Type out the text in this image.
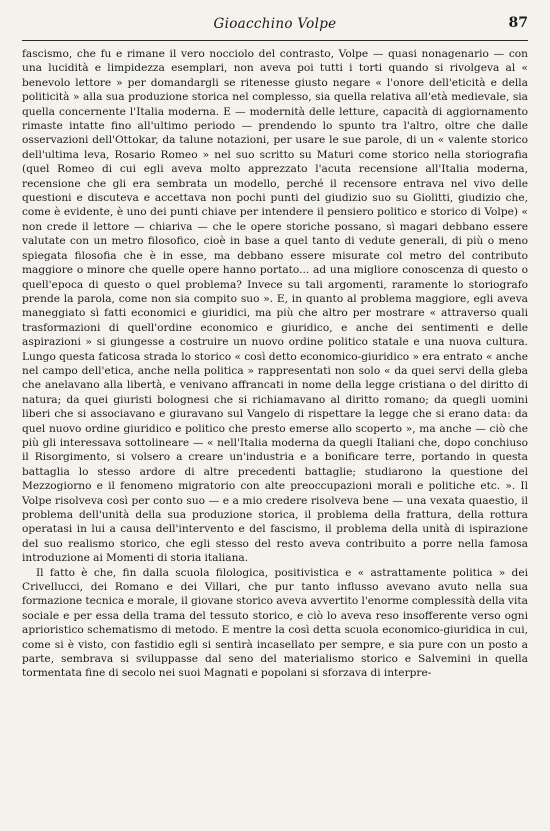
Gioacchino Volpe	87

fascismo, che fu e rimane il vero nocciolo del contrasto, Volpe — quasi nonagenario — con una lucidità e limpidezza esemplari, non aveva poi tutti i torti quando si rivolgeva al « benevolo lettore » per domandargli se ritenesse giusto negare « l'onore dell'eticità e della politicità » alla sua produzione storica nel complesso, sia quella relativa all'età medievale, sia quella concernente l'Italia moderna. E — modernità delle letture, capacità di aggiornamento rimaste intatte fino all'ultimo periodo — prendendo lo spunto tra l'altro, oltre che dalle osservazioni dell'Ottokar, da talune notazioni, per usare le sue parole, di un « valente storico dell'ultima leva, Rosario Romeo » nel suo scritto su Maturi come storico nella storiografia (quel Romeo di cui egli aveva molto apprezzato l'acuta recensione all'Italia moderna, recensione che gli era sembrata un modello, perché il recensore entrava nel vivo delle questioni e discuteva e accettava non pochi punti del giudizio suo su Giolitti, giudizio che, come è evidente, è uno dei punti chiave per intendere il pensiero politico e storico di Volpe) « non crede il lettore — chiariva — che le opere storiche possano, sì magari debbano essere valutate con un metro filosofico, cioè in base a quel tanto di vedute generali, di più o meno spiegata filosofia che è in esse, ma debbano essere misurate col metro del contributo maggiore o minore che quelle opere hanno portato... ad una migliore conoscenza di questo o quell'epoca di questo o quel problema? Invece su tali argomenti, raramente lo storiografo prende la parola, come non sia compito suo ». E, in quanto al problema maggiore, egli aveva maneggiato sì fatti economici e giuridici, ma più che altro per mostrare « attraverso quali trasformazioni di quell'ordine economico e giuridico, e anche dei sentimenti e delle aspirazioni » si giungesse a costruire un nuovo ordine politico statale e una nuova cultura. Lungo questa faticosa strada lo storico « così detto economico-giuridico » era entrato « anche nel campo dell'etica, anche nella politica » rappresentati non solo « da quei servi della gleba che anelavano alla libertà, e venivano affrancati in nome della legge cristiana o del diritto di natura; da quei giuristi bolognesi che si richiamavano al diritto romano; da quegli uomini liberi che si associavano e giuravano sul Vangelo di rispettare la legge che si erano data: da quel nuovo ordine giuridico e politico che presto emerse allo scoperto », ma anche — ciò che più gli interessava sottolineare — « nell'Italia moderna da quegli Italiani che, dopo conchiuso il Risorgimento, si volsero a creare un'industria e a bonificare terre, portando in questa battaglia lo stesso ardore di altre precedenti battaglie; studiarono la questione del Mezzogiorno e il fenomeno migratorio con alte preoccupazioni morali e politiche etc. ». Il Volpe risolveva così per conto suo — e a mio credere risolveva bene — una vexata quaestio, il problema dell'unità della sua produzione storica, il problema della frattura, della rottura operatasi in lui a causa dell'intervento e del fascismo, il problema della unità di ispirazione del suo realismo storico, che egli stesso del resto aveva contribuito a porre nella famosa introduzione ai Momenti di storia italiana.

Il fatto è che, fin dalla scuola filologica, positivistica e « astrattamente politica » dei Crivellucci, dei Romano e dei Villari, che pur tanto influsso avevano avuto nella sua formazione tecnica e morale, il giovane storico aveva avvertito l'enorme complessità della vita sociale e per essa della trama del tessuto storico, e ciò lo aveva reso insofferente verso ogni aprioristico schematismo di metodo. E mentre la così detta scuola economico-giuridica in cui, come si è visto, con fastidio egli si sentirà incasellato per sempre, e sia pure con un posto a parte, sembrava si sviluppasse dal seno del materialismo storico e Salvemini in quella tormentata fine di secolo nei suoi Magnati e popolani si sforzava di interpre-
